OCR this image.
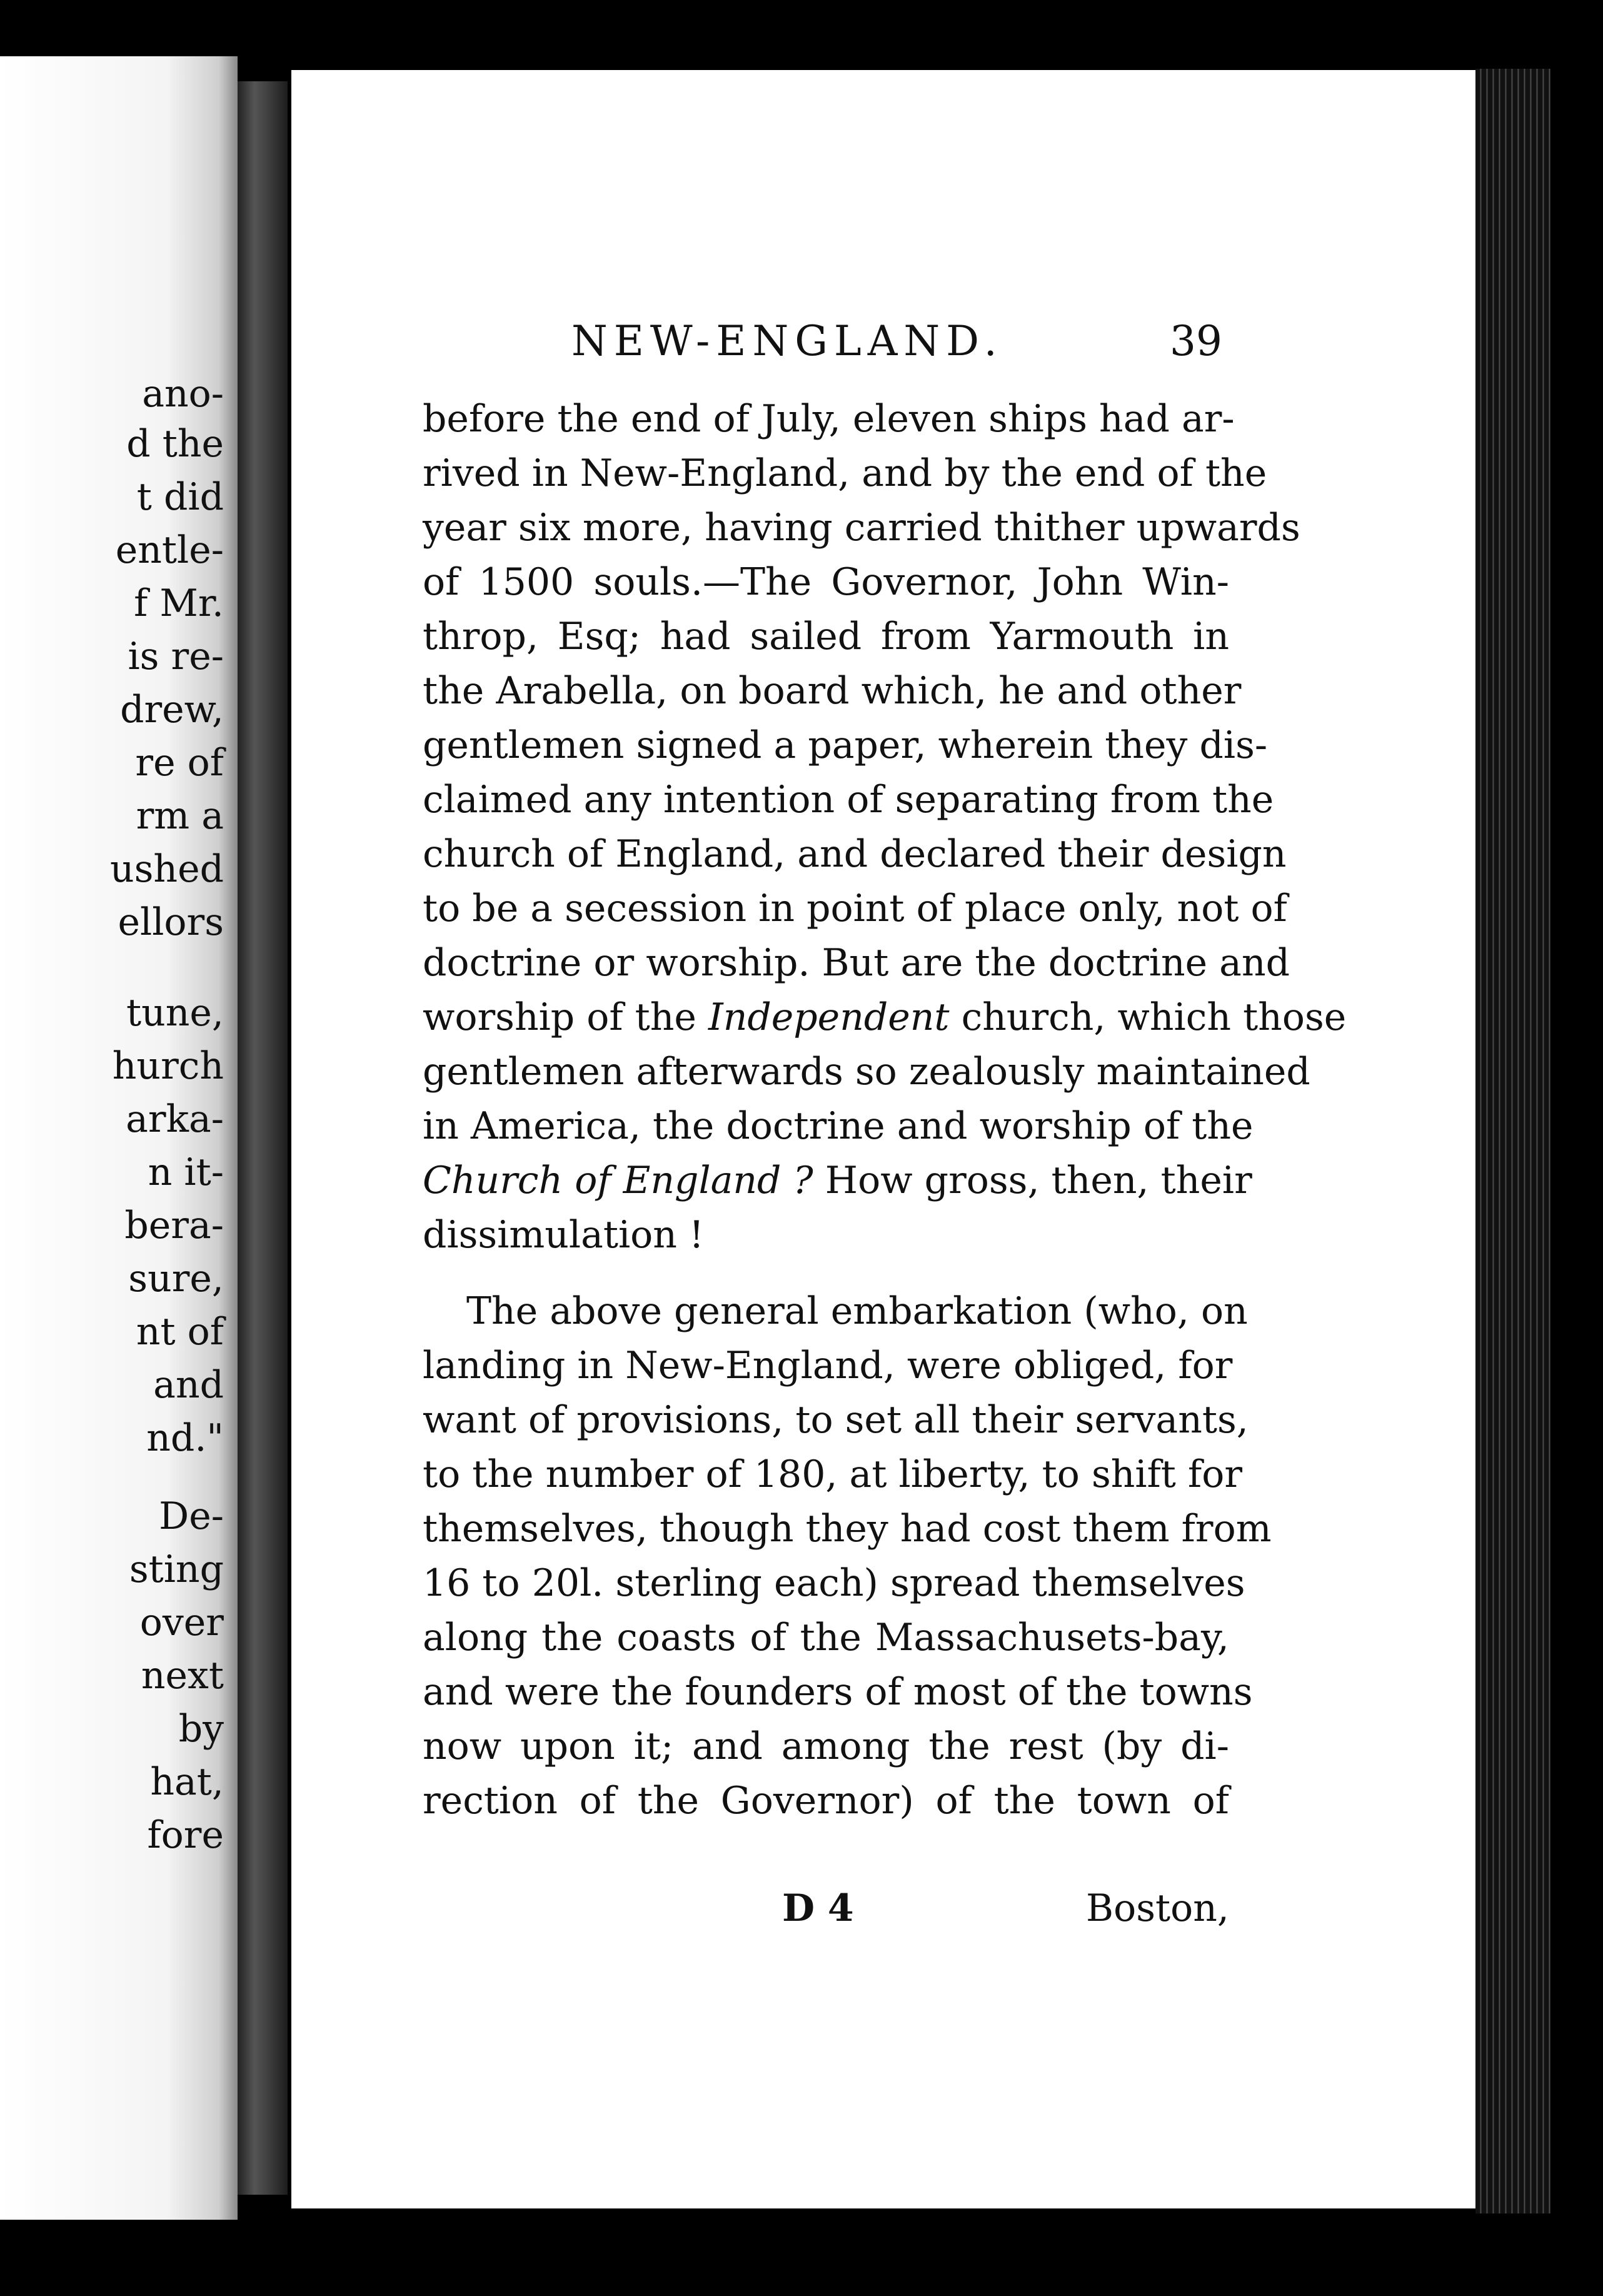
anо-
d the
t did
entle-
f Mr.
is re-
drew,
re of
rm a
ushed
ellors
tune,
hurch
arka-
n it-
bera-
sure,
nt of
and
nd."
De-
sting
over
next
by
hat,
fore
NEW-ENGLAND.	39
before the end of July, eleven ships had ar-
rived in New-England, and by the end of the
year six more, having carried thither upwards
of 1500 souls.—The Governor, John Win-
throp, Esq; had sailed from Yarmouth in
the Arabella, on board which, he and other
gentlemen signed a paper, wherein they dis-
claimed any intention of separating from the
church of England, and declared their design
to be a secession in point of place only, not of
doctrine or worship. But are the doctrine and
worship of the Independent church, which those
gentlemen afterwards so zealously maintained
in America, the doctrine and worship of the
Church of England ? How gross, then, their
dissimulation !
The above general embarkation (who, on
landing in New-England, were obliged, for
want of provisions, to set all their servants,
to the number of 180, at liberty, to shift for
themselves, though they had cost them from
16 to 20l. sterling each) spread themselves
along the coasts of the Massachusets-bay,
and were the founders of most of the towns
now upon it; and among the rest (by di-
rection of the Governor) of the town of
D 4	Boston,
